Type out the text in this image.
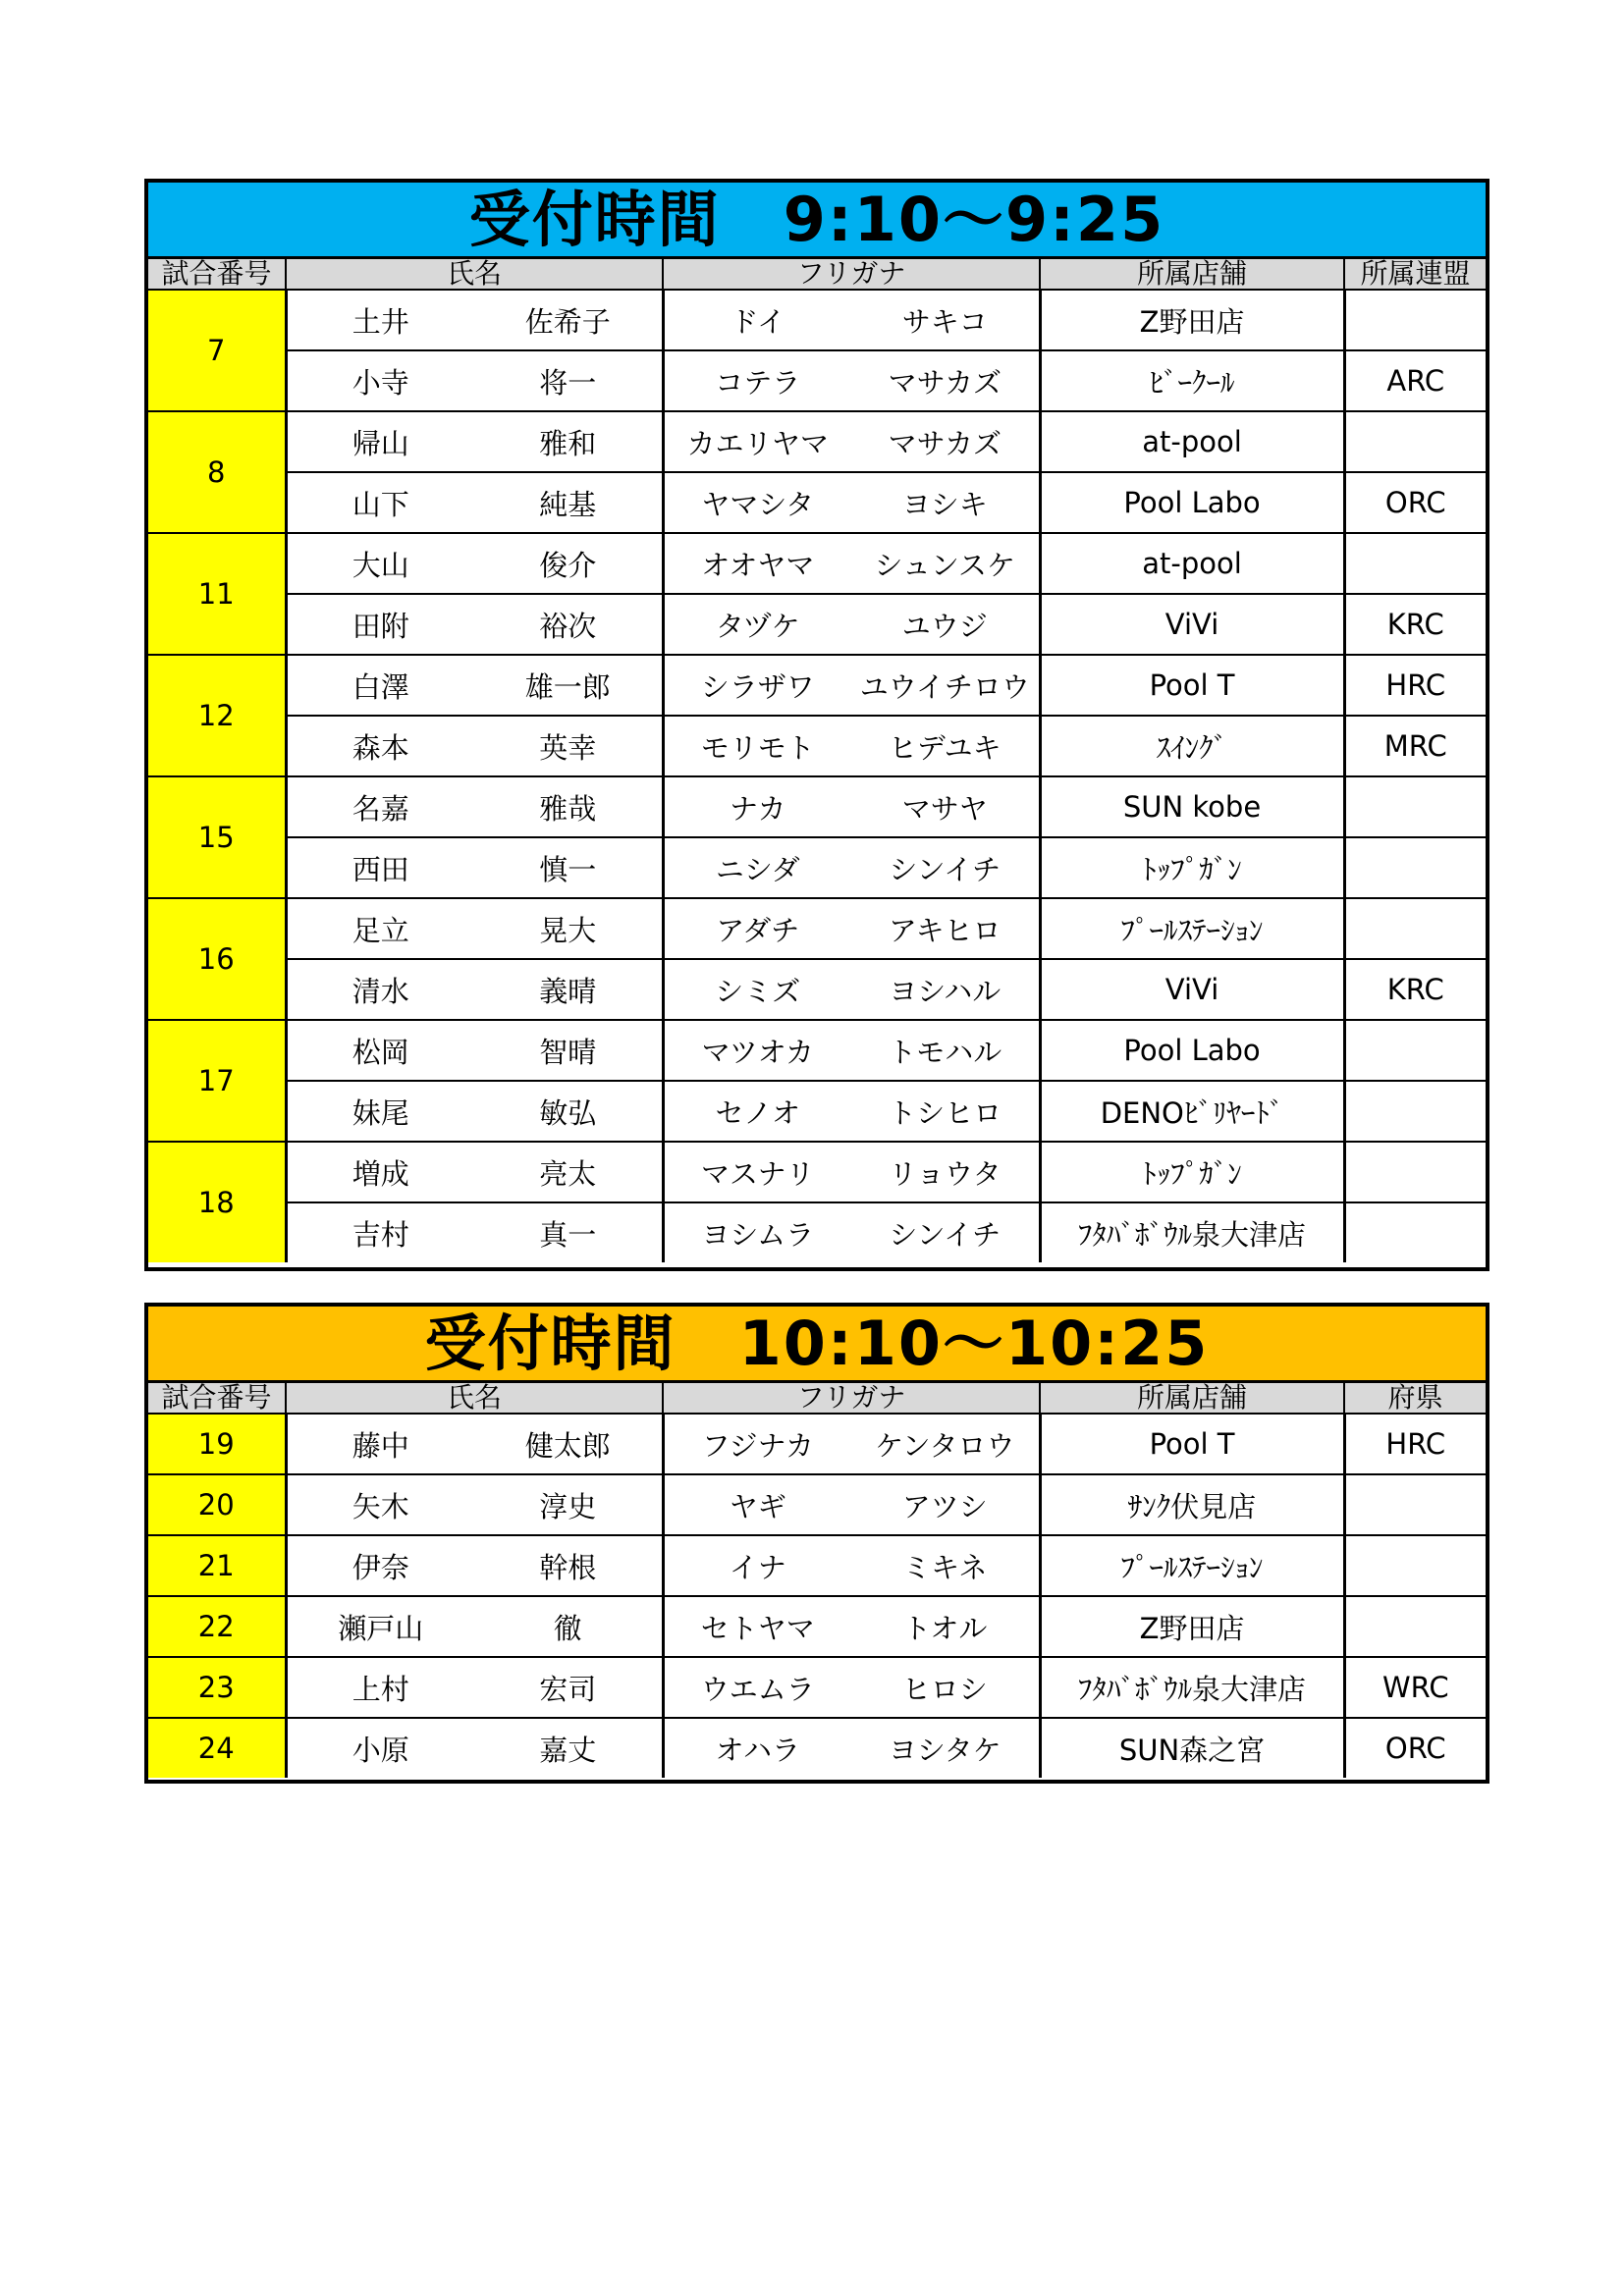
受付時間　9:10～9:25
試合番号	氏名		フリガナ		所属店舗	所属連盟
7	土井	佐希子	ドイ	サキコ	Z野田店	
	小寺	将一	コテラ	マサカズ	ﾋﾞｰｸｰﾙ	ARC
8	帰山	雅和	カエリヤマ	マサカズ	at-pool	
	山下	純基	ヤマシタ	ヨシキ	Pool Labo	ORC
11	大山	俊介	オオヤマ	シュンスケ	at-pool	
	田附	裕次	タヅケ	ユウジ	ViVi	KRC
12	白澤	雄一郎	シラザワ	ユウイチロウ	Pool T	HRC
	森本	英幸	モリモト	ヒデユキ	ｽｲﾝｸﾞ	MRC
15	名嘉	雅哉	ナカ	マサヤ	SUN kobe	
	西田	慎一	ニシダ	シンイチ	ﾄｯﾌﾟｶﾞﾝ	
16	足立	晃大	アダチ	アキヒロ	ﾌﾟｰﾙｽﾃｰｼｮﾝ	
	清水	義晴	シミズ	ヨシハル	ViVi	KRC
17	松岡	智晴	マツオカ	トモハル	Pool Labo	
	妹尾	敏弘	セノオ	トシヒロ	DENOﾋﾞﾘﾔｰﾄﾞ	
18	増成	亮太	マスナリ	リョウタ	ﾄｯﾌﾟｶﾞﾝ	
	吉村	真一	ヨシムラ	シンイチ	ﾌﾀﾊﾞﾎﾞｳﾙ泉大津店	
受付時間　10:10～10:25
試合番号	氏名		フリガナ		所属店舗	府県
19	藤中	健太郎	フジナカ	ケンタロウ	Pool T	HRC
20	矢木	淳史	ヤギ	アツシ	ｻﾝｸ伏見店	
21	伊奈	幹根	イナ	ミキネ	ﾌﾟｰﾙｽﾃｰｼｮﾝ	
22	瀬戸山	徹	セトヤマ	トオル	Z野田店	
23	上村	宏司	ウエムラ	ヒロシ	ﾌﾀﾊﾞﾎﾞｳﾙ泉大津店	WRC
24	小原	嘉丈	オハラ	ヨシタケ	SUN森之宮	ORC
